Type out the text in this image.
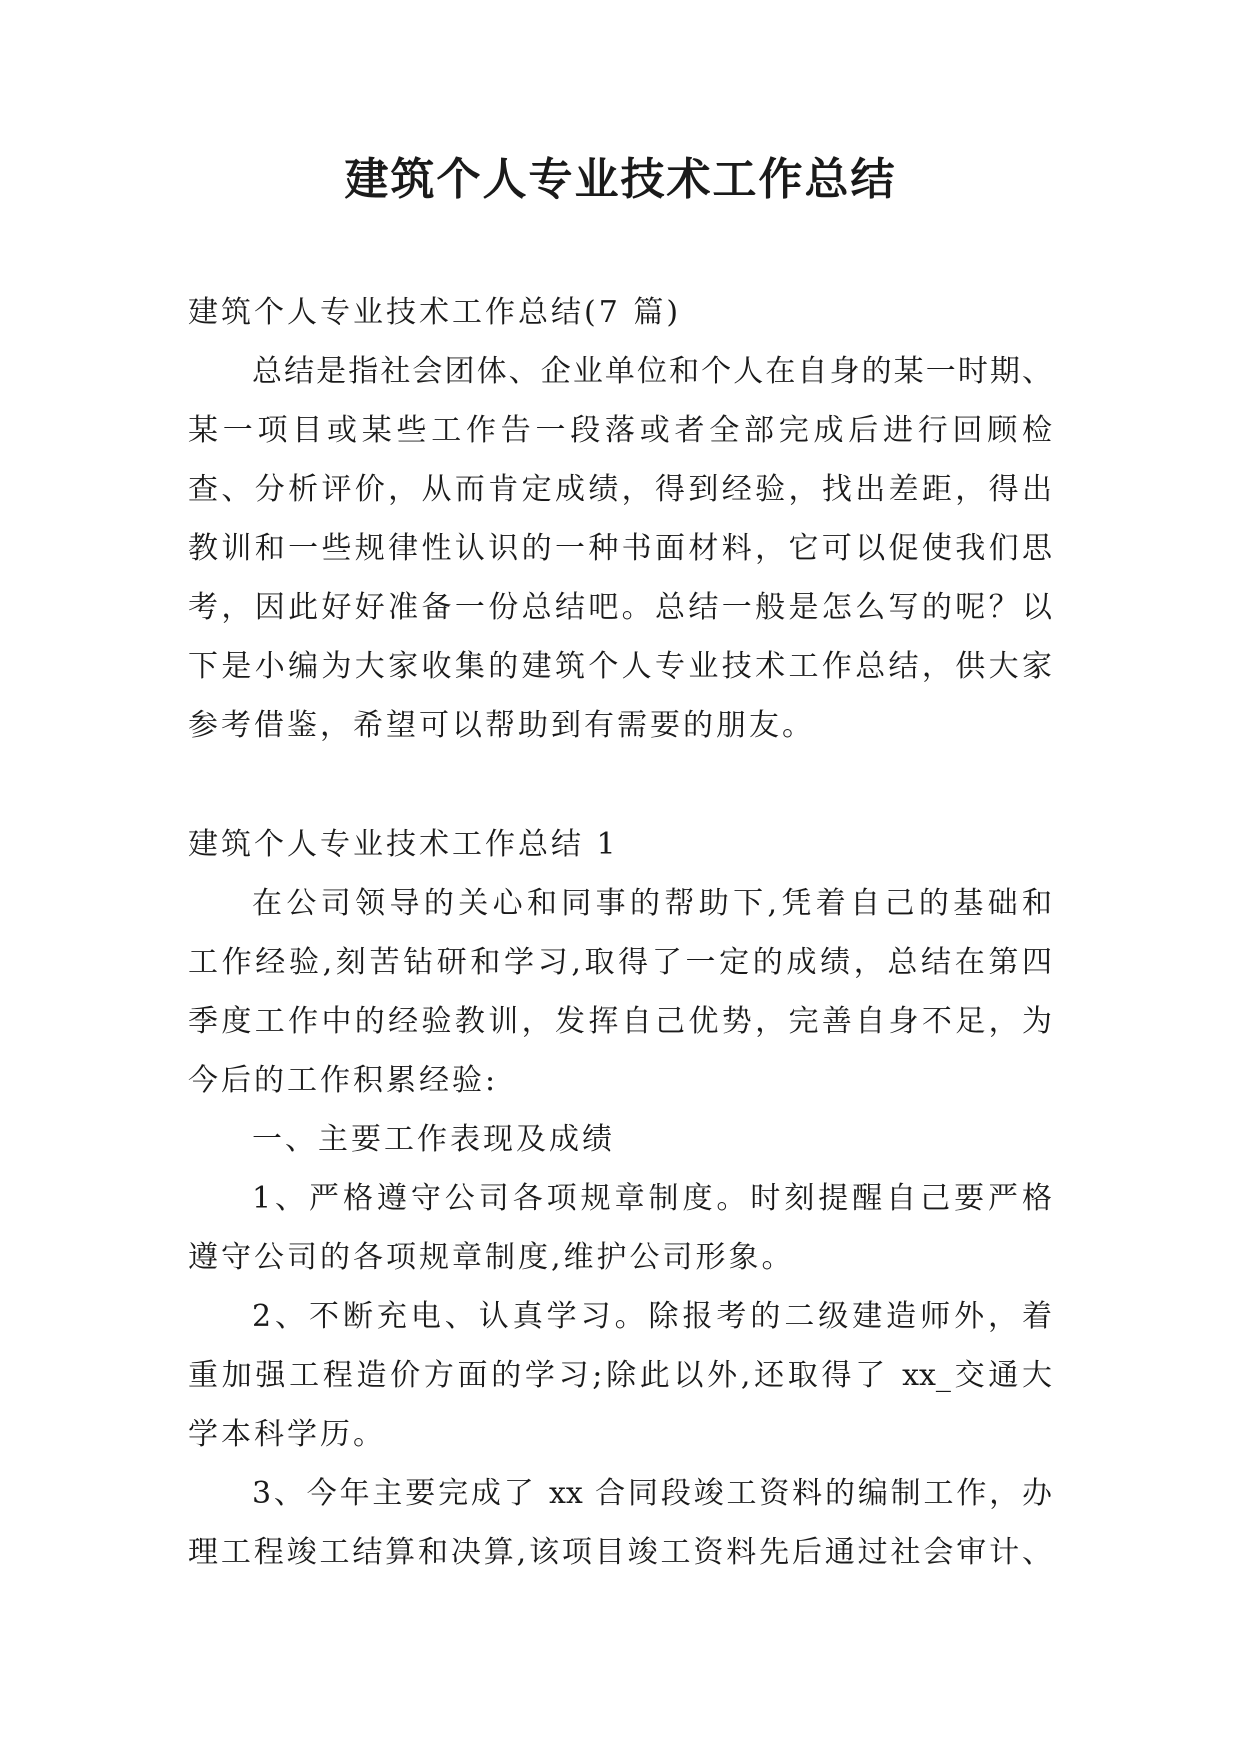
建筑个人专业技术工作总结
建筑个人专业技术工作总结(7 篇)
总结是指社会团体、企业单位和个人在自身的某一时期、
某一项目或某些工作告一段落或者全部完成后进行回顾检
查、分析评价，从而肯定成绩，得到经验，找出差距，得出
教训和一些规律性认识的一种书面材料，它可以促使我们思
考，因此好好准备一份总结吧。总结一般是怎么写的呢？以
下是小编为大家收集的建筑个人专业技术工作总结，供大家
参考借鉴，希望可以帮助到有需要的朋友。
建筑个人专业技术工作总结 1
在公司领导的关心和同事的帮助下,凭着自己的基础和
工作经验,刻苦钻研和学习,取得了一定的成绩，总结在第四
季度工作中的经验教训，发挥自己优势，完善自身不足，为
今后的工作积累经验:
一、主要工作表现及成绩
1、严格遵守公司各项规章制度。时刻提醒自己要严格
遵守公司的各项规章制度,维护公司形象。
2、不断充电、认真学习。除报考的二级建造师外，着
重加强工程造价方面的学习;除此以外,还取得了 xx_交通大
学本科学历。
3、今年主要完成了 xx 合同段竣工资料的编制工作，办
理工程竣工结算和决算,该项目竣工资料先后通过社会审计、
